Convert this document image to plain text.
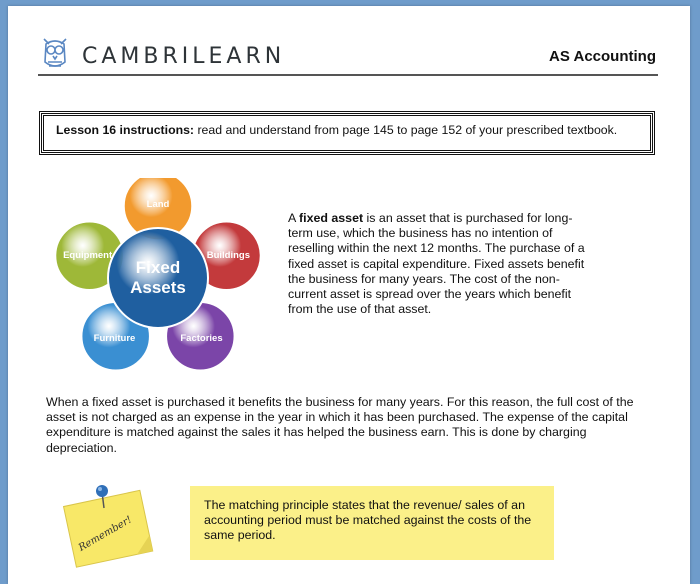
CAMBRILEARN	AS Accounting
Lesson 16 instructions: read and understand from page 145 to page 152 of your prescribed textbook.
Land
Buildings
Factories
Furniture
Equipment
Fixed
Assets
A fixed asset is an asset that is purchased for long-term use, which the business has no intention of reselling within the next 12 months. The purchase of a fixed asset is capital expenditure. Fixed assets benefit the business for many years. The cost of the non-current asset is spread over the years which benefit from the use of that asset.
When a fixed asset is purchased it benefits the business for many years. For this reason, the full cost of the asset is not charged as an expense in the year in which it has been purchased. The expense of the capital expenditure is matched against the sales it has helped the business earn. This is done by charging depreciation.
Remember!
The matching principle states that the revenue/ sales of an accounting period must be matched against the costs of the same period.
